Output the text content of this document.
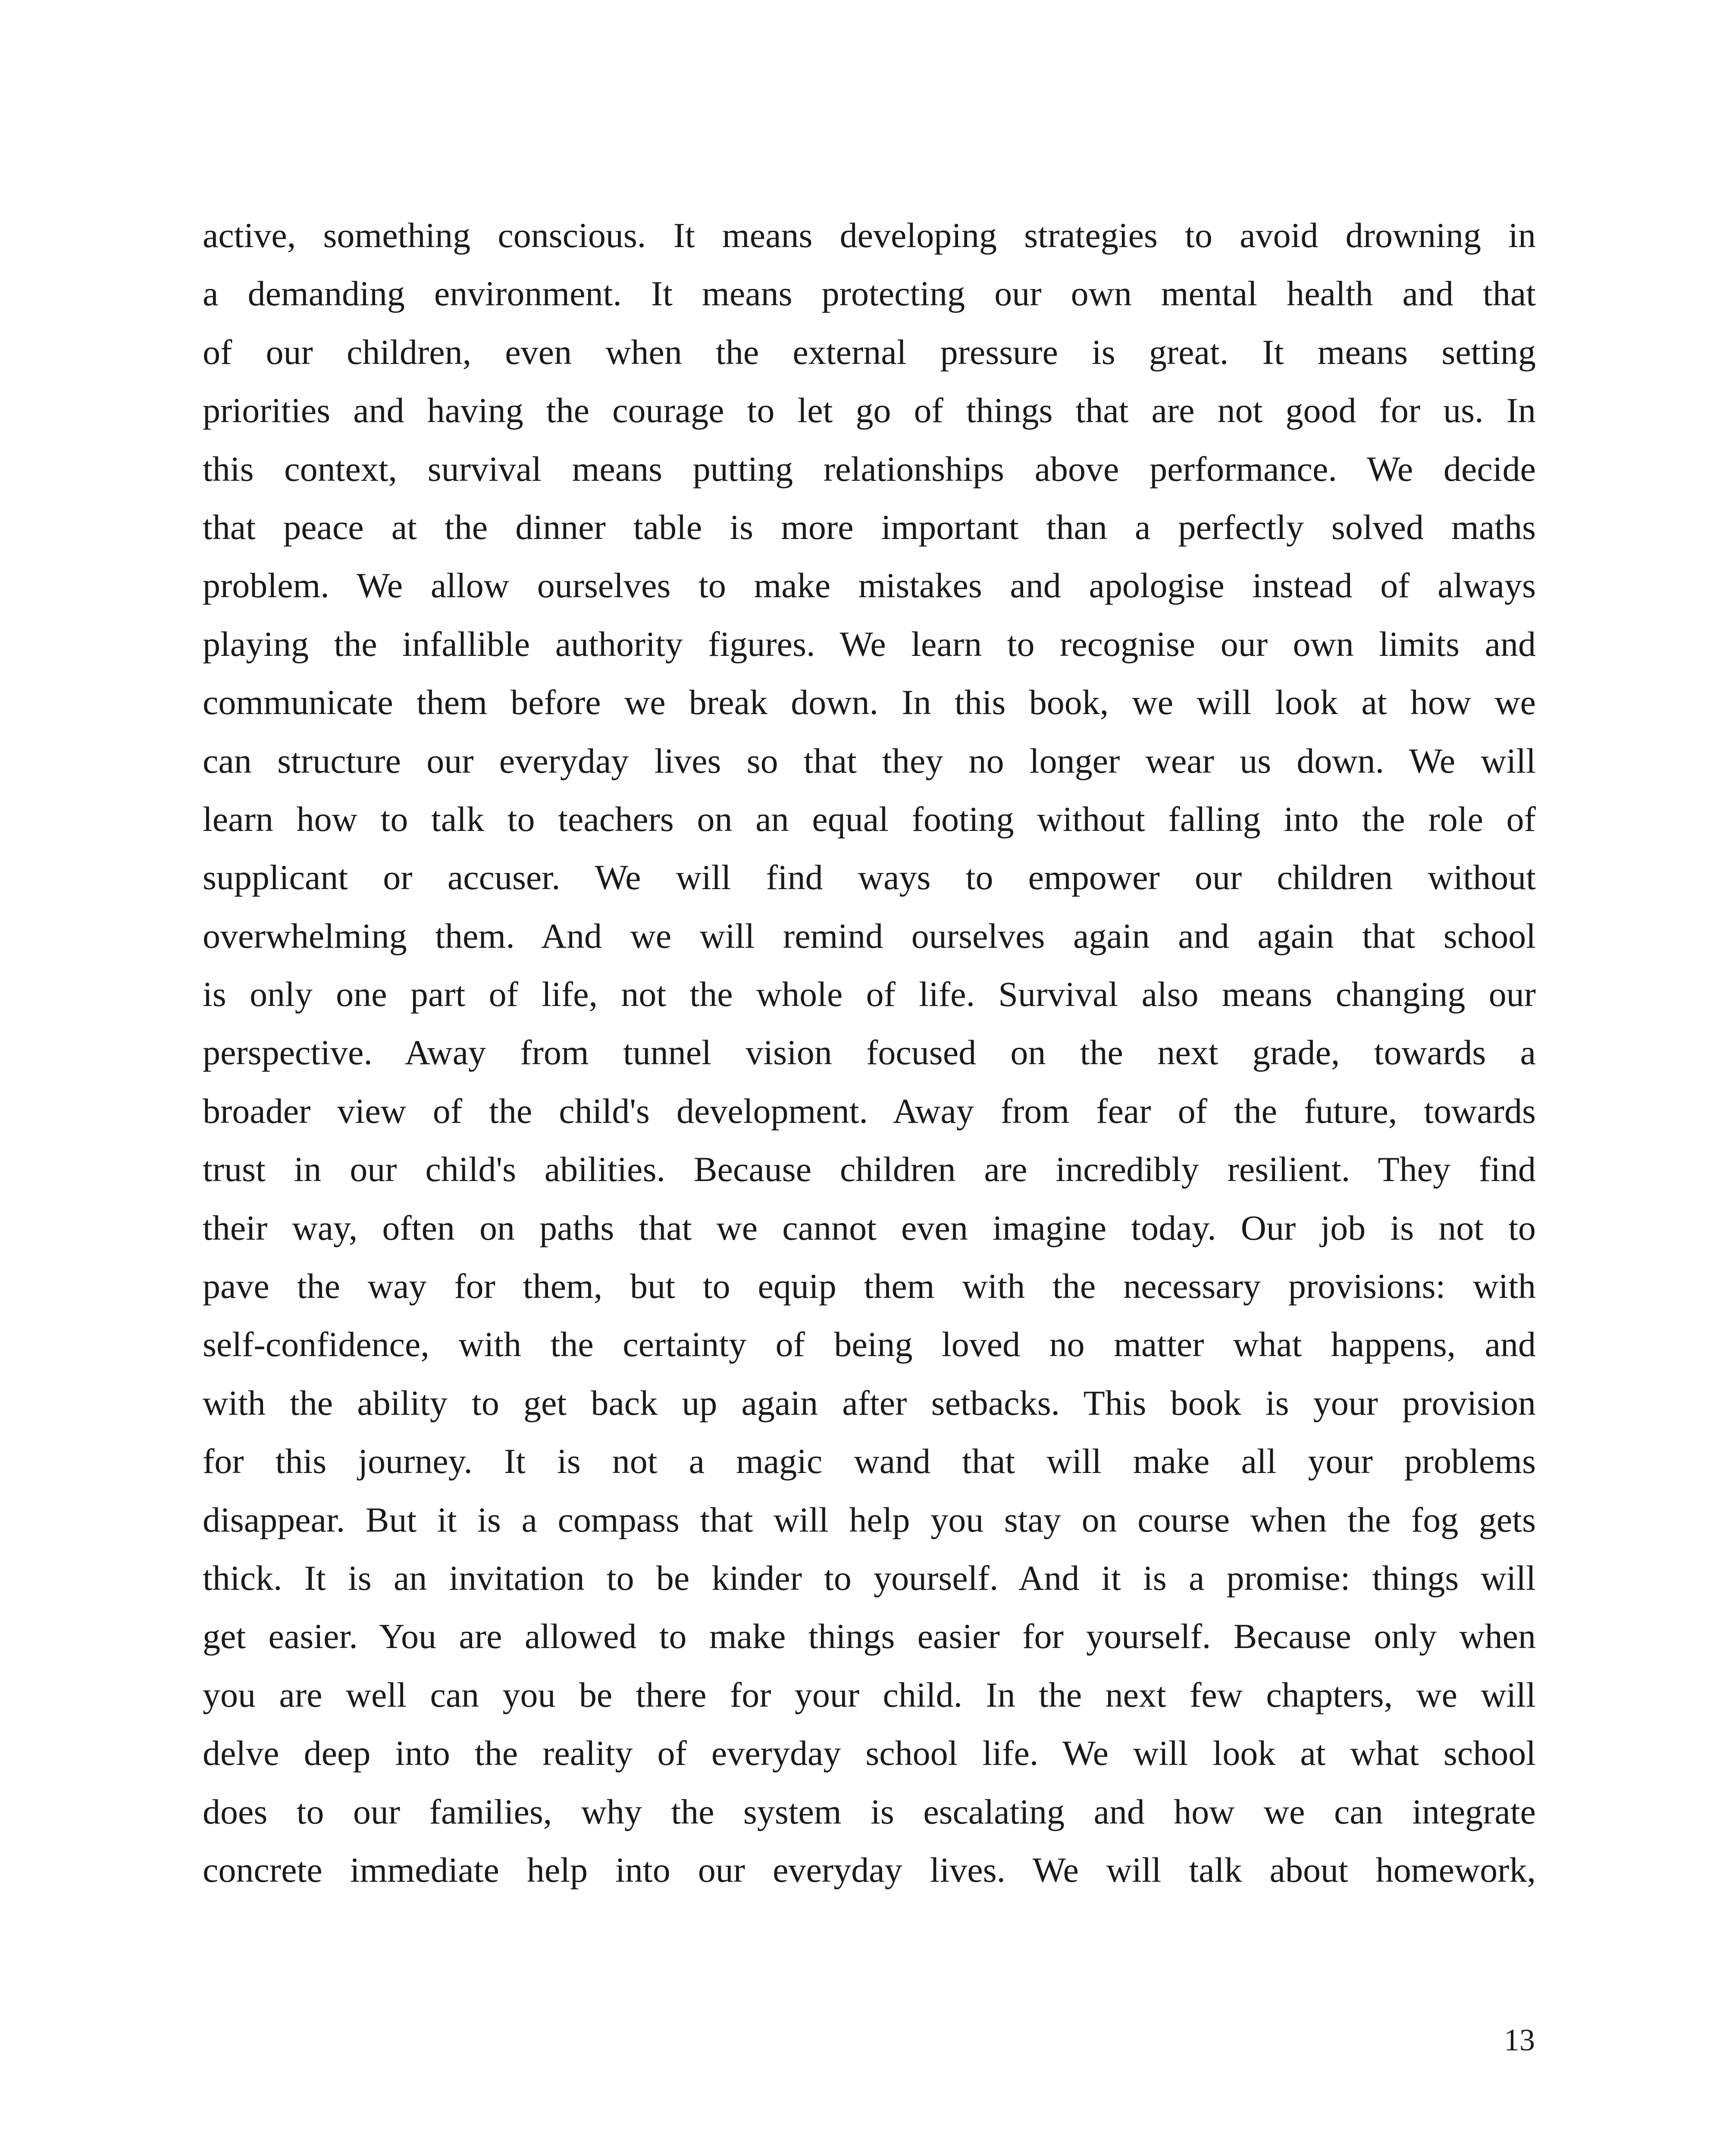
active, something conscious. It means developing strategies to avoid drowning in
a demanding environment. It means protecting our own mental health and that
of our children, even when the external pressure is great. It means setting
priorities and having the courage to let go of things that are not good for us. In
this context, survival means putting relationships above performance. We decide
that peace at the dinner table is more important than a perfectly solved maths
problem. We allow ourselves to make mistakes and apologise instead of always
playing the infallible authority figures. We learn to recognise our own limits and
communicate them before we break down. In this book, we will look at how we
can structure our everyday lives so that they no longer wear us down. We will
learn how to talk to teachers on an equal footing without falling into the role of
supplicant or accuser. We will find ways to empower our children without
overwhelming them. And we will remind ourselves again and again that school
is only one part of life, not the whole of life. Survival also means changing our
perspective. Away from tunnel vision focused on the next grade, towards a
broader view of the child's development. Away from fear of the future, towards
trust in our child's abilities. Because children are incredibly resilient. They find
their way, often on paths that we cannot even imagine today. Our job is not to
pave the way for them, but to equip them with the necessary provisions: with
self-confidence, with the certainty of being loved no matter what happens, and
with the ability to get back up again after setbacks. This book is your provision
for this journey. It is not a magic wand that will make all your problems
disappear. But it is a compass that will help you stay on course when the fog gets
thick. It is an invitation to be kinder to yourself. And it is a promise: things will
get easier. You are allowed to make things easier for yourself. Because only when
you are well can you be there for your child. In the next few chapters, we will
delve deep into the reality of everyday school life. We will look at what school
does to our families, why the system is escalating and how we can integrate
concrete immediate help into our everyday lives. We will talk about homework,
13
